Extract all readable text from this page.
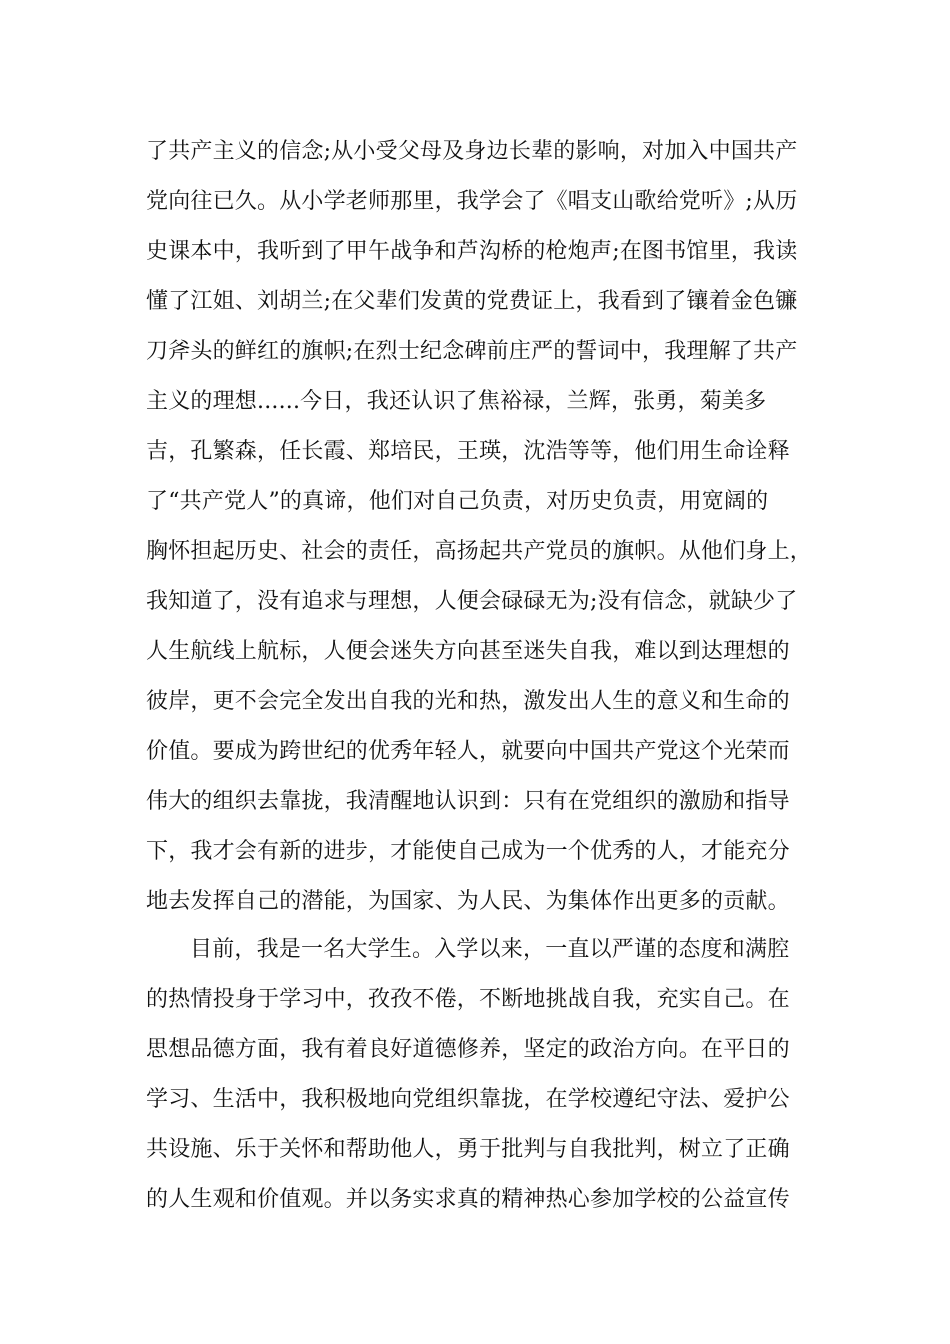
了共产主义的信念;从小受父母及身边长辈的影响，对加入中国共产
党向往已久。从小学老师那里，我学会了《唱支山歌给党听》;从历
史课本中，我听到了甲午战争和芦沟桥的枪炮声;在图书馆里，我读
懂了江姐、刘胡兰;在父辈们发黄的党费证上，我看到了镶着金色镰
刀斧头的鲜红的旗帜;在烈士纪念碑前庄严的誓词中，我理解了共产
主义的理想......今日，我还认识了焦裕禄，兰辉，张勇，菊美多
吉，孔繁森，任长霞、郑培民，王瑛，沈浩等等，他们用生命诠释
了“共产党人”的真谛，他们对自己负责，对历史负责，用宽阔的
胸怀担起历史、社会的责任，高扬起共产党员的旗帜。从他们身上，
我知道了，没有追求与理想，人便会碌碌无为;没有信念，就缺少了
人生航线上航标，人便会迷失方向甚至迷失自我，难以到达理想的
彼岸，更不会完全发出自我的光和热，激发出人生的意义和生命的
价值。要成为跨世纪的优秀年轻人，就要向中国共产党这个光荣而
伟大的组织去靠拢，我清醒地认识到：只有在党组织的激励和指导
下，我才会有新的进步，才能使自己成为一个优秀的人，才能充分
地去发挥自己的潜能，为国家、为人民、为集体作出更多的贡献。
目前，我是一名大学生。入学以来，一直以严谨的态度和满腔
的热情投身于学习中，孜孜不倦，不断地挑战自我，充实自己。在
思想品德方面，我有着良好道德修养，坚定的政治方向。在平日的
学习、生活中，我积极地向党组织靠拢，在学校遵纪守法、爱护公
共设施、乐于关怀和帮助他人，勇于批判与自我批判，树立了正确
的人生观和价值观。并以务实求真的精神热心参加学校的公益宣传
